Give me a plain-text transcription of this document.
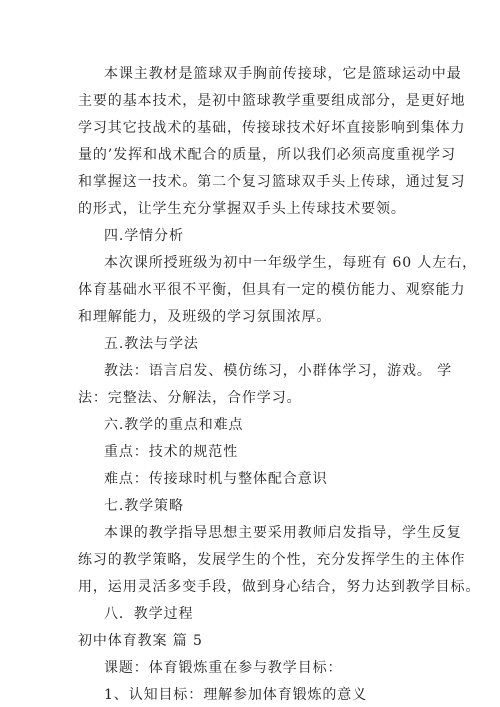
本课主教材是篮球双手胸前传接球，它是篮球运动中最
主要的基本技术，是初中篮球教学重要组成部分，是更好地
学习其它技战术的基础，传接球技术好坏直接影响到集体力
量的’发挥和战术配合的质量，所以我们必须高度重视学习
和掌握这一技术。第二个复习篮球双手头上传球，通过复习
的形式，让学生充分掌握双手头上传球技术要领。
四.学情分析
本次课所授班级为初中一年级学生，每班有 60 人左右，
体育基础水平很不平衡，但具有一定的模仿能力、观察能力
和理解能力，及班级的学习氛围浓厚。
五.教法与学法
教法：语言启发、模仿练习，小群体学习，游戏。 学
法：完整法、分解法，合作学习。
六.教学的重点和难点
重点：技术的规范性
难点：传接球时机与整体配合意识
七.教学策略
本课的教学指导思想主要采用教师启发指导，学生反复
练习的教学策略，发展学生的个性，充分发挥学生的主体作
用，运用灵活多变手段，做到身心结合，努力达到教学目标。
八．教学过程
初中体育教案 篇 5
课题：体育锻炼重在参与教学目标：
1、认知目标：理解参加体育锻炼的意义
